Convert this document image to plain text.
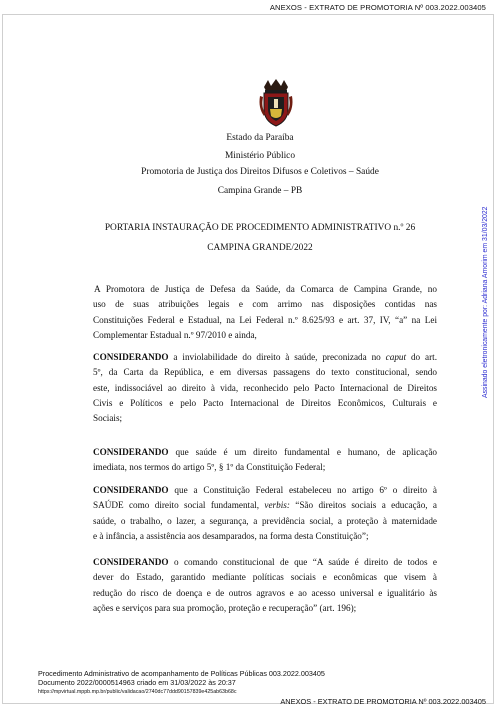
ANEXOS - EXTRATO DE PROMOTORIA Nº 003.2022.003405
Estado da Paraíba
Ministério Público
Promotoria de Justiça dos Direitos Difusos e Coletivos – Saúde
Campina Grande – PB
PORTARIA INSTAURAÇÃO DE PROCEDIMENTO ADMINISTRATIVO n.º 26
CAMPINA GRANDE/2022
A Promotora de Justiça de Defesa da Saúde, da Comarca de Campina Grande, no
uso de suas atribuições legais e com arrimo nas disposições contidas nas
Constituições Federal e Estadual, na Lei Federal n.º 8.625/93 e art. 37, IV, “a” na Lei
Complementar Estadual n.º 97/2010 e ainda,
CONSIDERANDO a inviolabilidade do direito à saúde, preconizada no caput do art.
5º, da Carta da República, e em diversas passagens do texto constitucional, sendo
este, indissociável ao direito à vida, reconhecido pelo Pacto Internacional de Direitos
Civis e Políticos e pelo Pacto Internacional de Direitos Econômicos, Culturais e
Sociais;
CONSIDERANDO que saúde é um direito fundamental e humano, de aplicação
imediata, nos termos do artigo 5º, § 1º da Constituição Federal;
CONSIDERANDO que a Constituição Federal estabeleceu no artigo 6º o direito à
SAÚDE como direito social fundamental, verbis: “São direitos sociais a educação, a
saúde, o trabalho, o lazer, a segurança, a previdência social, a proteção à maternidade
e à infância, a assistência aos desamparados, na forma desta Constituição”;
CONSIDERANDO o comando constitucional de que “A saúde é direito de todos e
dever do Estado, garantido mediante políticas sociais e econômicas que visem à
redução do risco de doença e de outros agravos e ao acesso universal e igualitário às
ações e serviços para sua promoção, proteção e recuperação” (art. 196);
Assinado eletronicamente por: Adriana Amorim em 31/03/2022
Procedimento Administrativo de acompanhamento de Políticas Públicas 003.2022.003405
Documento 2022/0000514963 criado em 31/03/2022 às 20:37
https://mpvirtual.mppb.mp.br/public/validacao/2740dc77ddd90157839e425ab63b68c
ANEXOS - EXTRATO DE PROMOTORIA Nº 003.2022.003405
